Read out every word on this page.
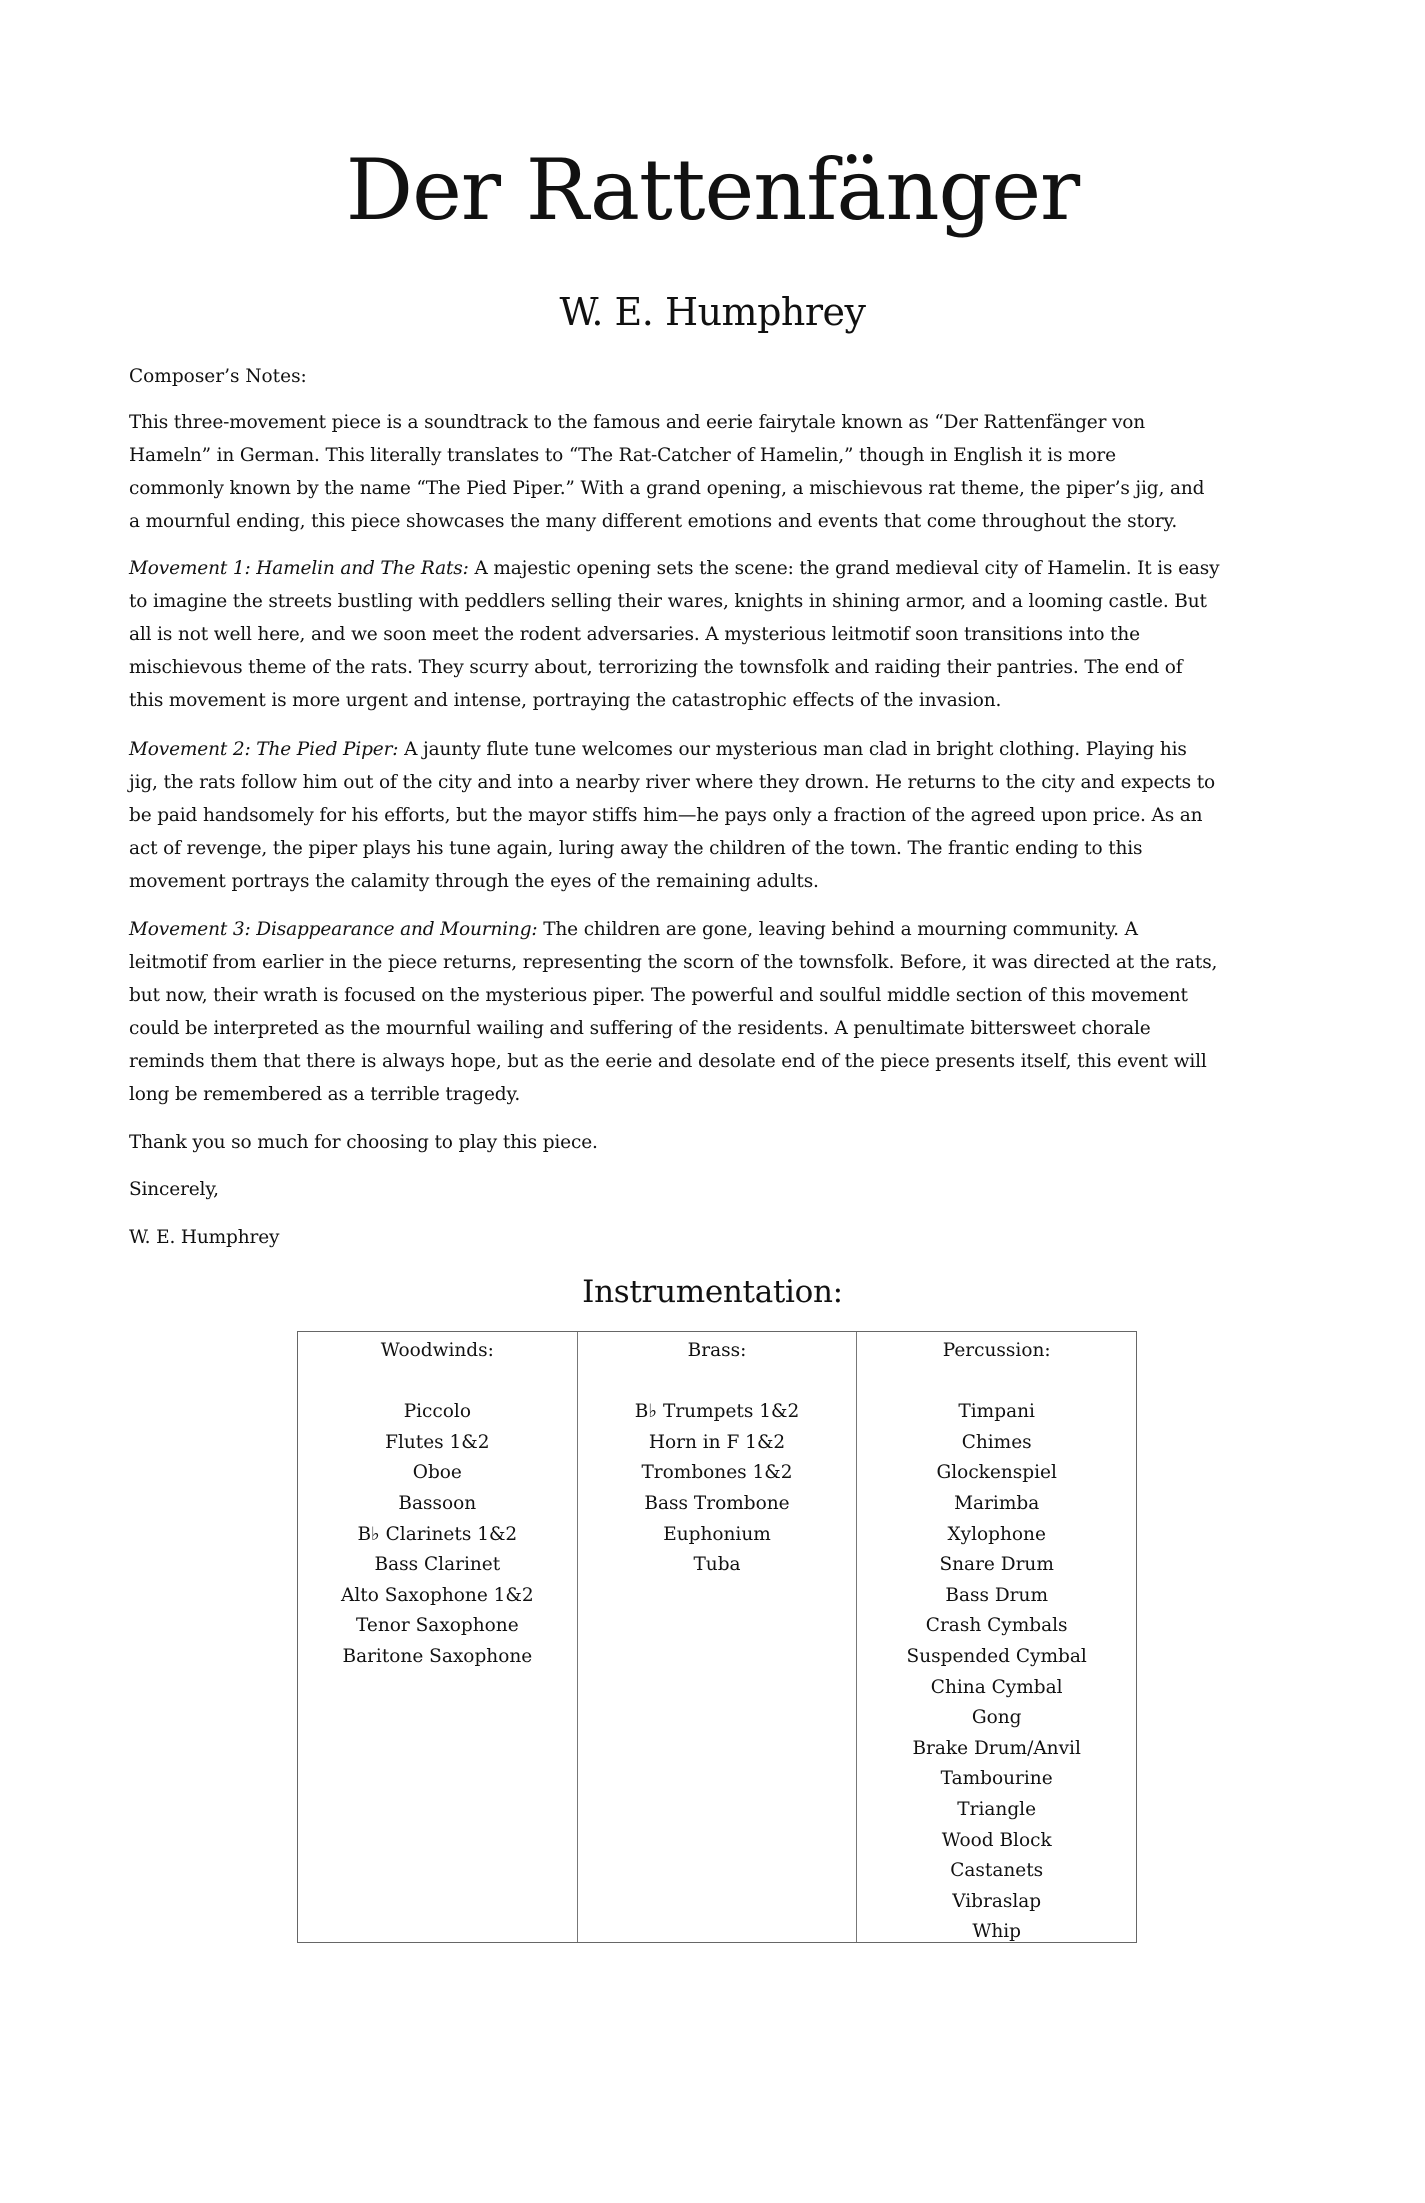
Der Rattenfänger
W. E. Humphrey
Composer’s Notes:
This three-movement piece is a soundtrack to the famous and eerie fairytale known as “Der Rattenfänger von
Hameln” in German. This literally translates to “The Rat-Catcher of Hamelin,” though in English it is more
commonly known by the name “The Pied Piper.” With a grand opening, a mischievous rat theme, the piper’s jig, and
a mournful ending, this piece showcases the many different emotions and events that come throughout the story.
Movement 1: Hamelin and The Rats: A majestic opening sets the scene: the grand medieval city of Hamelin. It is easy
to imagine the streets bustling with peddlers selling their wares, knights in shining armor, and a looming castle. But
all is not well here, and we soon meet the rodent adversaries. A mysterious leitmotif soon transitions into the
mischievous theme of the rats. They scurry about, terrorizing the townsfolk and raiding their pantries. The end of
this movement is more urgent and intense, portraying the catastrophic effects of the invasion.
Movement 2: The Pied Piper: A jaunty flute tune welcomes our mysterious man clad in bright clothing. Playing his
jig, the rats follow him out of the city and into a nearby river where they drown. He returns to the city and expects to
be paid handsomely for his efforts, but the mayor stiffs him—he pays only a fraction of the agreed upon price. As an
act of revenge, the piper plays his tune again, luring away the children of the town. The frantic ending to this
movement portrays the calamity through the eyes of the remaining adults.
Movement 3: Disappearance and Mourning: The children are gone, leaving behind a mourning community. A
leitmotif from earlier in the piece returns, representing the scorn of the townsfolk. Before, it was directed at the rats,
but now, their wrath is focused on the mysterious piper. The powerful and soulful middle section of this movement
could be interpreted as the mournful wailing and suffering of the residents. A penultimate bittersweet chorale
reminds them that there is always hope, but as the eerie and desolate end of the piece presents itself, this event will
long be remembered as a terrible tragedy.
Thank you so much for choosing to play this piece.
Sincerely,
W. E. Humphrey
Instrumentation:
Woodwinds:
Piccolo
Flutes 1&2
Oboe
Bassoon
B♭ Clarinets 1&2
Bass Clarinet
Alto Saxophone 1&2
Tenor Saxophone
Baritone Saxophone
Brass:
B♭ Trumpets 1&2
Horn in F 1&2
Trombones 1&2
Bass Trombone
Euphonium
Tuba
Percussion:
Timpani
Chimes
Glockenspiel
Marimba
Xylophone
Snare Drum
Bass Drum
Crash Cymbals
Suspended Cymbal
China Cymbal
Gong
Brake Drum/Anvil
Tambourine
Triangle
Wood Block
Castanets
Vibraslap
Whip
